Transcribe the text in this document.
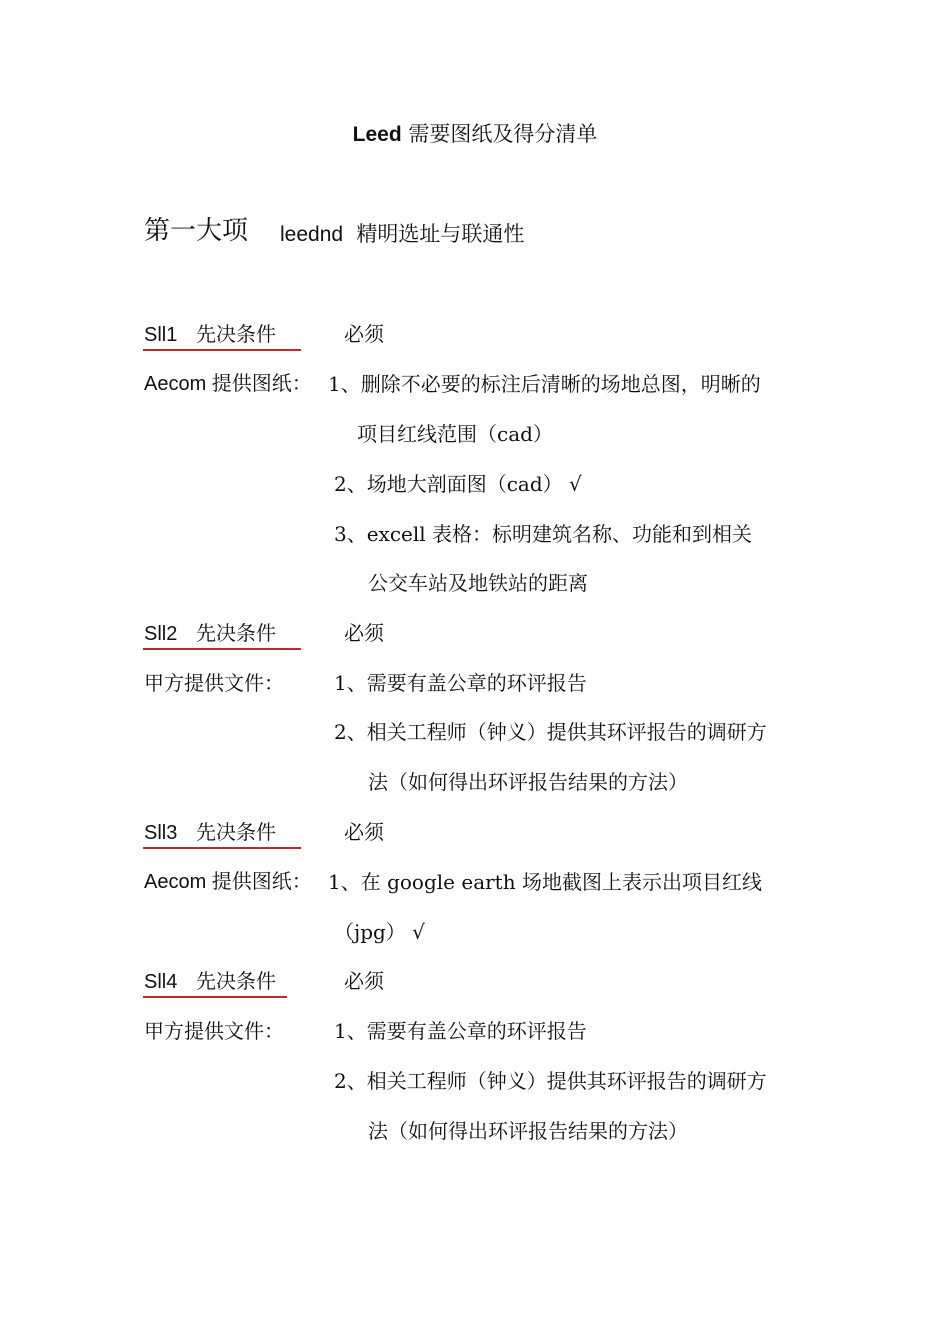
Leed 需要图纸及得分清单
第一大项 leednd 精明选址与联通性
Sll1 先决条件	必须
Aecom 提供图纸： 1、删除不必要的标注后清晰的场地总图，明晰的
项目红线范围（cad）
2、场地大剖面图（cad） √
3、excell 表格：标明建筑名称、功能和到相关
公交车站及地铁站的距离
Sll2 先决条件	必须
甲方提供文件：	1、需要有盖公章的环评报告
2、相关工程师（钟义）提供其环评报告的调研方
法（如何得出环评报告结果的方法）
Sll3 先决条件	必须
Aecom 提供图纸： 1、在 google earth 场地截图上表示出项目红线
（jpg） √
Sll4 先决条件	必须
甲方提供文件：	1、需要有盖公章的环评报告
2、相关工程师（钟义）提供其环评报告的调研方
法（如何得出环评报告结果的方法）
